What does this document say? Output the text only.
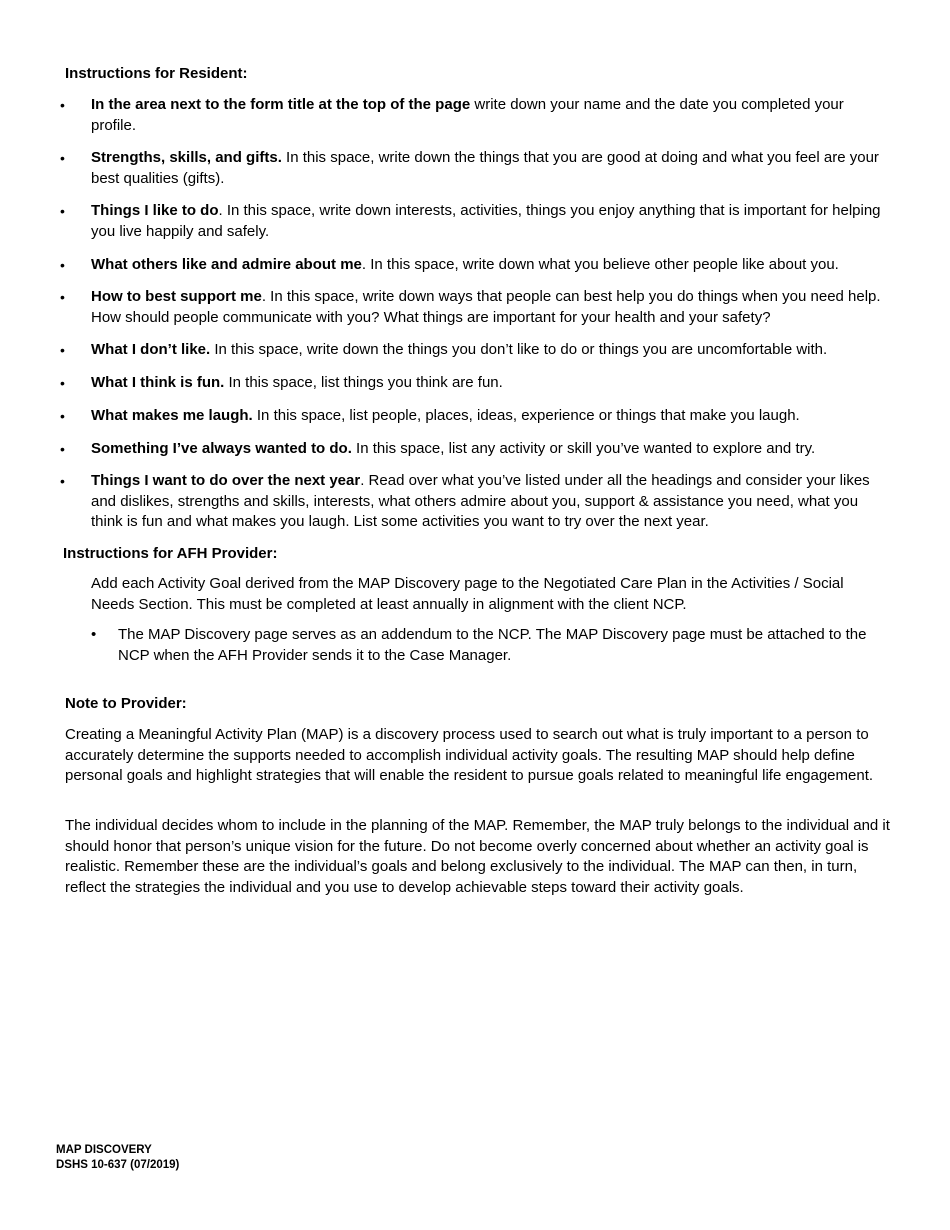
Instructions for Resident:
• In the area next to the form title at the top of the page write down your name and the date you completed your profile.
• Strengths, skills, and gifts. In this space, write down the things that you are good at doing and what you feel are your best qualities (gifts).
• Things I like to do. In this space, write down interests, activities, things you enjoy anything that is important for helping you live happily and safely.
• What others like and admire about me. In this space, write down what you believe other people like about you.
• How to best support me. In this space, write down ways that people can best help you do things when you need help. How should people communicate with you? What things are important for your health and your safety?
• What I don’t like. In this space, write down the things you don’t like to do or things you are uncomfortable with.
• What I think is fun. In this space, list things you think are fun.
• What makes me laugh. In this space, list people, places, ideas, experience or things that make you laugh.
• Something I’ve always wanted to do. In this space, list any activity or skill you’ve wanted to explore and try.
• Things I want to do over the next year. Read over what you’ve listed under all the headings and consider your likes and dislikes, strengths and skills, interests, what others admire about you, support & assistance you need, what you think is fun and what makes you laugh. List some activities you want to try over the next year.
Instructions for AFH Provider:

Add each Activity Goal derived from the MAP Discovery page to the Negotiated Care Plan in the Activities / Social Needs Section. This must be completed at least annually in alignment with the client NCP.

• The MAP Discovery page serves as an addendum to the NCP. The MAP Discovery page must be attached to the NCP when the AFH Provider sends it to the Case Manager.
Note to Provider:

Creating a Meaningful Activity Plan (MAP) is a discovery process used to search out what is truly important to a person to accurately determine the supports needed to accomplish individual activity goals. The resulting MAP should help define personal goals and highlight strategies that will enable the resident to pursue goals related to meaningful life engagement.

The individual decides whom to include in the planning of the MAP. Remember, the MAP truly belongs to the individual and it should honor that person’s unique vision for the future. Do not become overly concerned about whether an activity goal is realistic. Remember these are the individual’s goals and belong exclusively to the individual. The MAP can then, in turn, reflect the strategies the individual and you use to develop achievable steps toward their activity goals.

MAP DISCOVERY
DSHS 10-637 (07/2019)
